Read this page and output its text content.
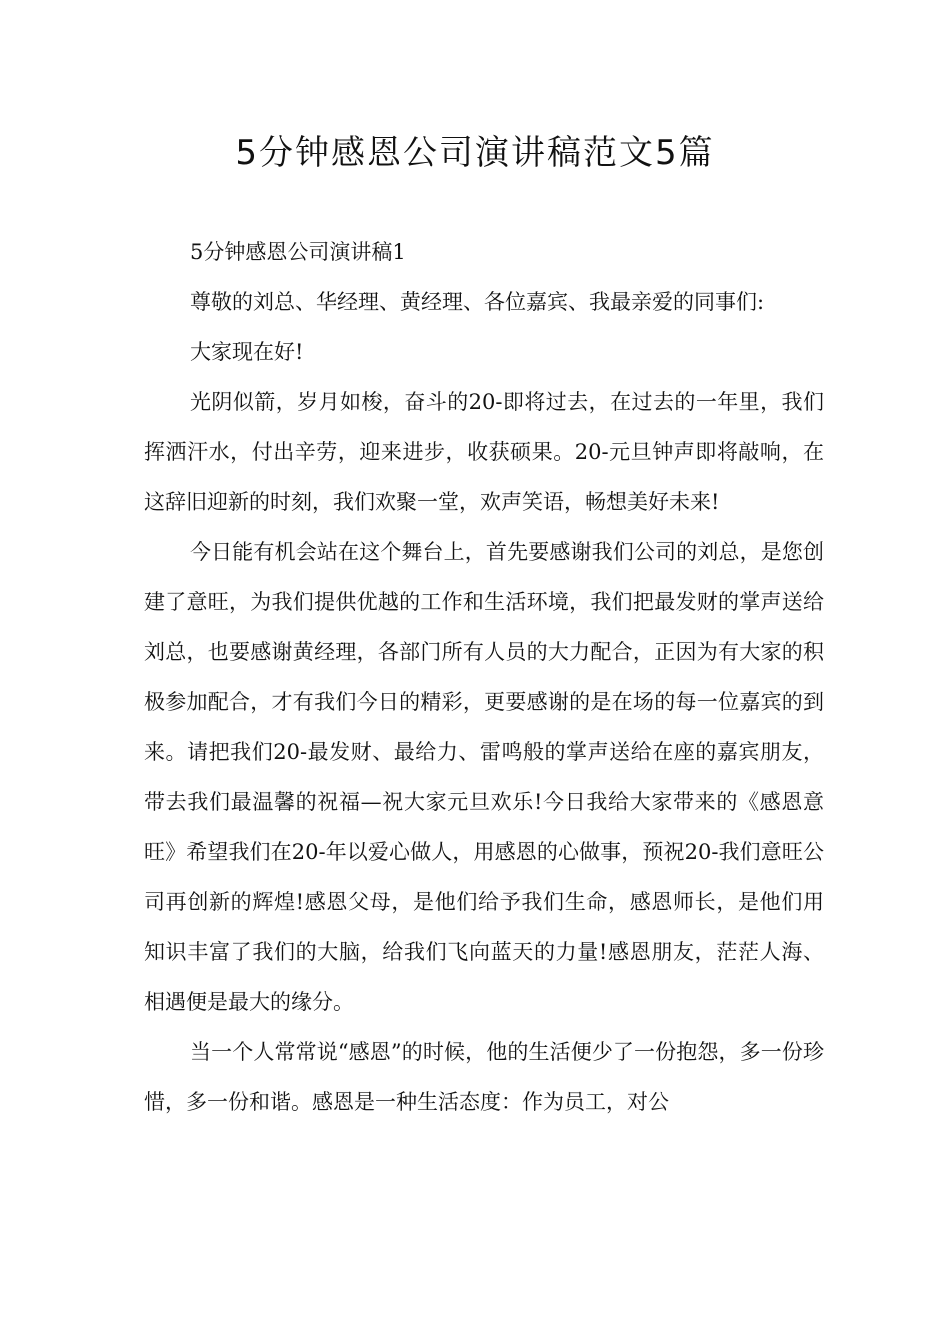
5分钟感恩公司演讲稿范文5篇

5分钟感恩公司演讲稿1

尊敬的刘总、华经理、黄经理、各位嘉宾、我最亲爱的同事们:

大家现在好!

光阴似箭，岁月如梭，奋斗的20-即将过去，在过去的一年里，我们挥洒汗水，付出辛劳，迎来进步，收获硕果。20-元旦钟声即将敲响，在这辞旧迎新的时刻，我们欢聚一堂，欢声笑语，畅想美好未来!

今日能有机会站在这个舞台上，首先要感谢我们公司的刘总，是您创建了意旺，为我们提供优越的工作和生活环境，我们把最发财的掌声送给刘总，也要感谢黄经理，各部门所有人员的大力配合，正因为有大家的积极参加配合，才有我们今日的精彩，更要感谢的是在场的每一位嘉宾的到来。请把我们20-最发财、最给力、雷鸣般的掌声送给在座的嘉宾朋友，带去我们最温馨的祝福—祝大家元旦欢乐!今日我给大家带来的《感恩意旺》希望我们在20-年以爱心做人，用感恩的心做事，预祝20-我们意旺公司再创新的辉煌!感恩父母，是他们给予我们生命，感恩师长，是他们用知识丰富了我们的大脑，给我们飞向蓝天的力量!感恩朋友，茫茫人海、相遇便是最大的缘分。

当一个人常常说“感恩”的时候，他的生活便少了一份抱怨，多一份珍惜，多一份和谐。感恩是一种生活态度：作为员工，对公
